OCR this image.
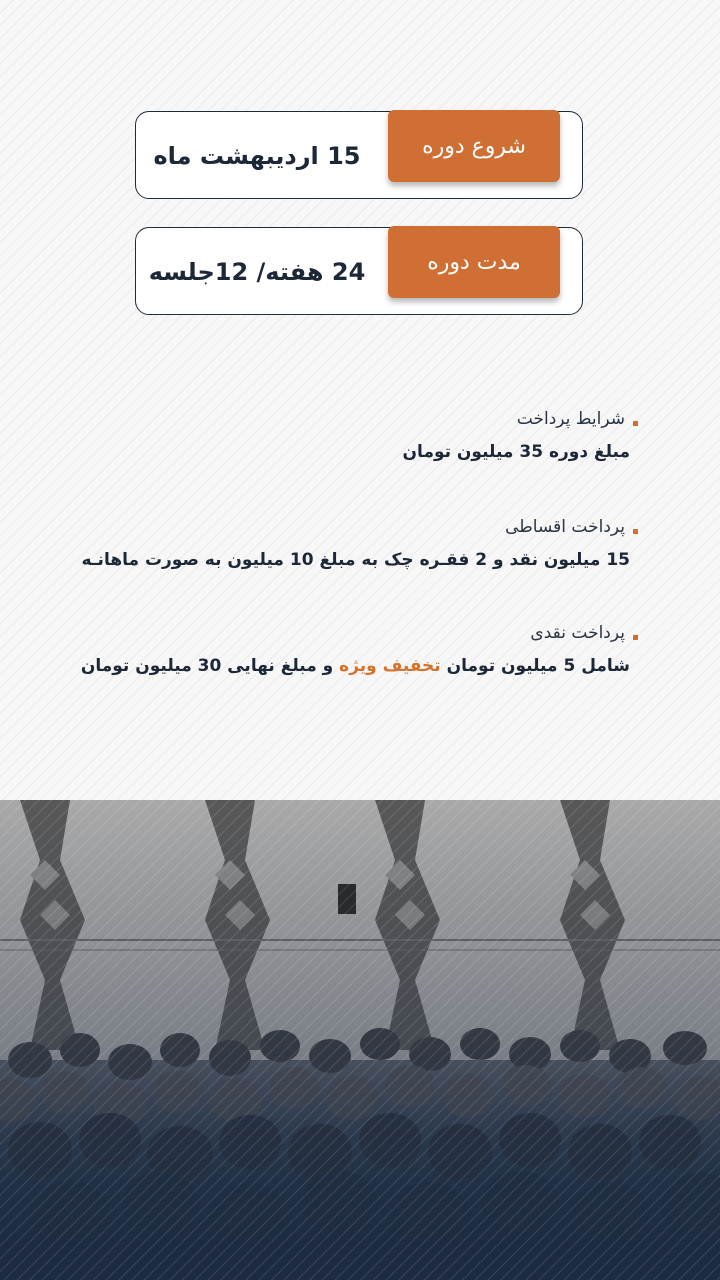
شروع دوره
15 اردیبهشت ماه
مدت دوره
24 هفته/ 12جلسه
شرایط پرداخت
مبلغ دوره 35 میلیون تومان
پرداخت اقساطی
15 میلیون نقد و 2 فقـره چک به مبلغ 10 میلیون به صورت ماهانـه
پرداخت نقدی
شامل 5 میلیون تومان تخفیف ویژه و مبلغ نهایی 30 میلیون تومان
